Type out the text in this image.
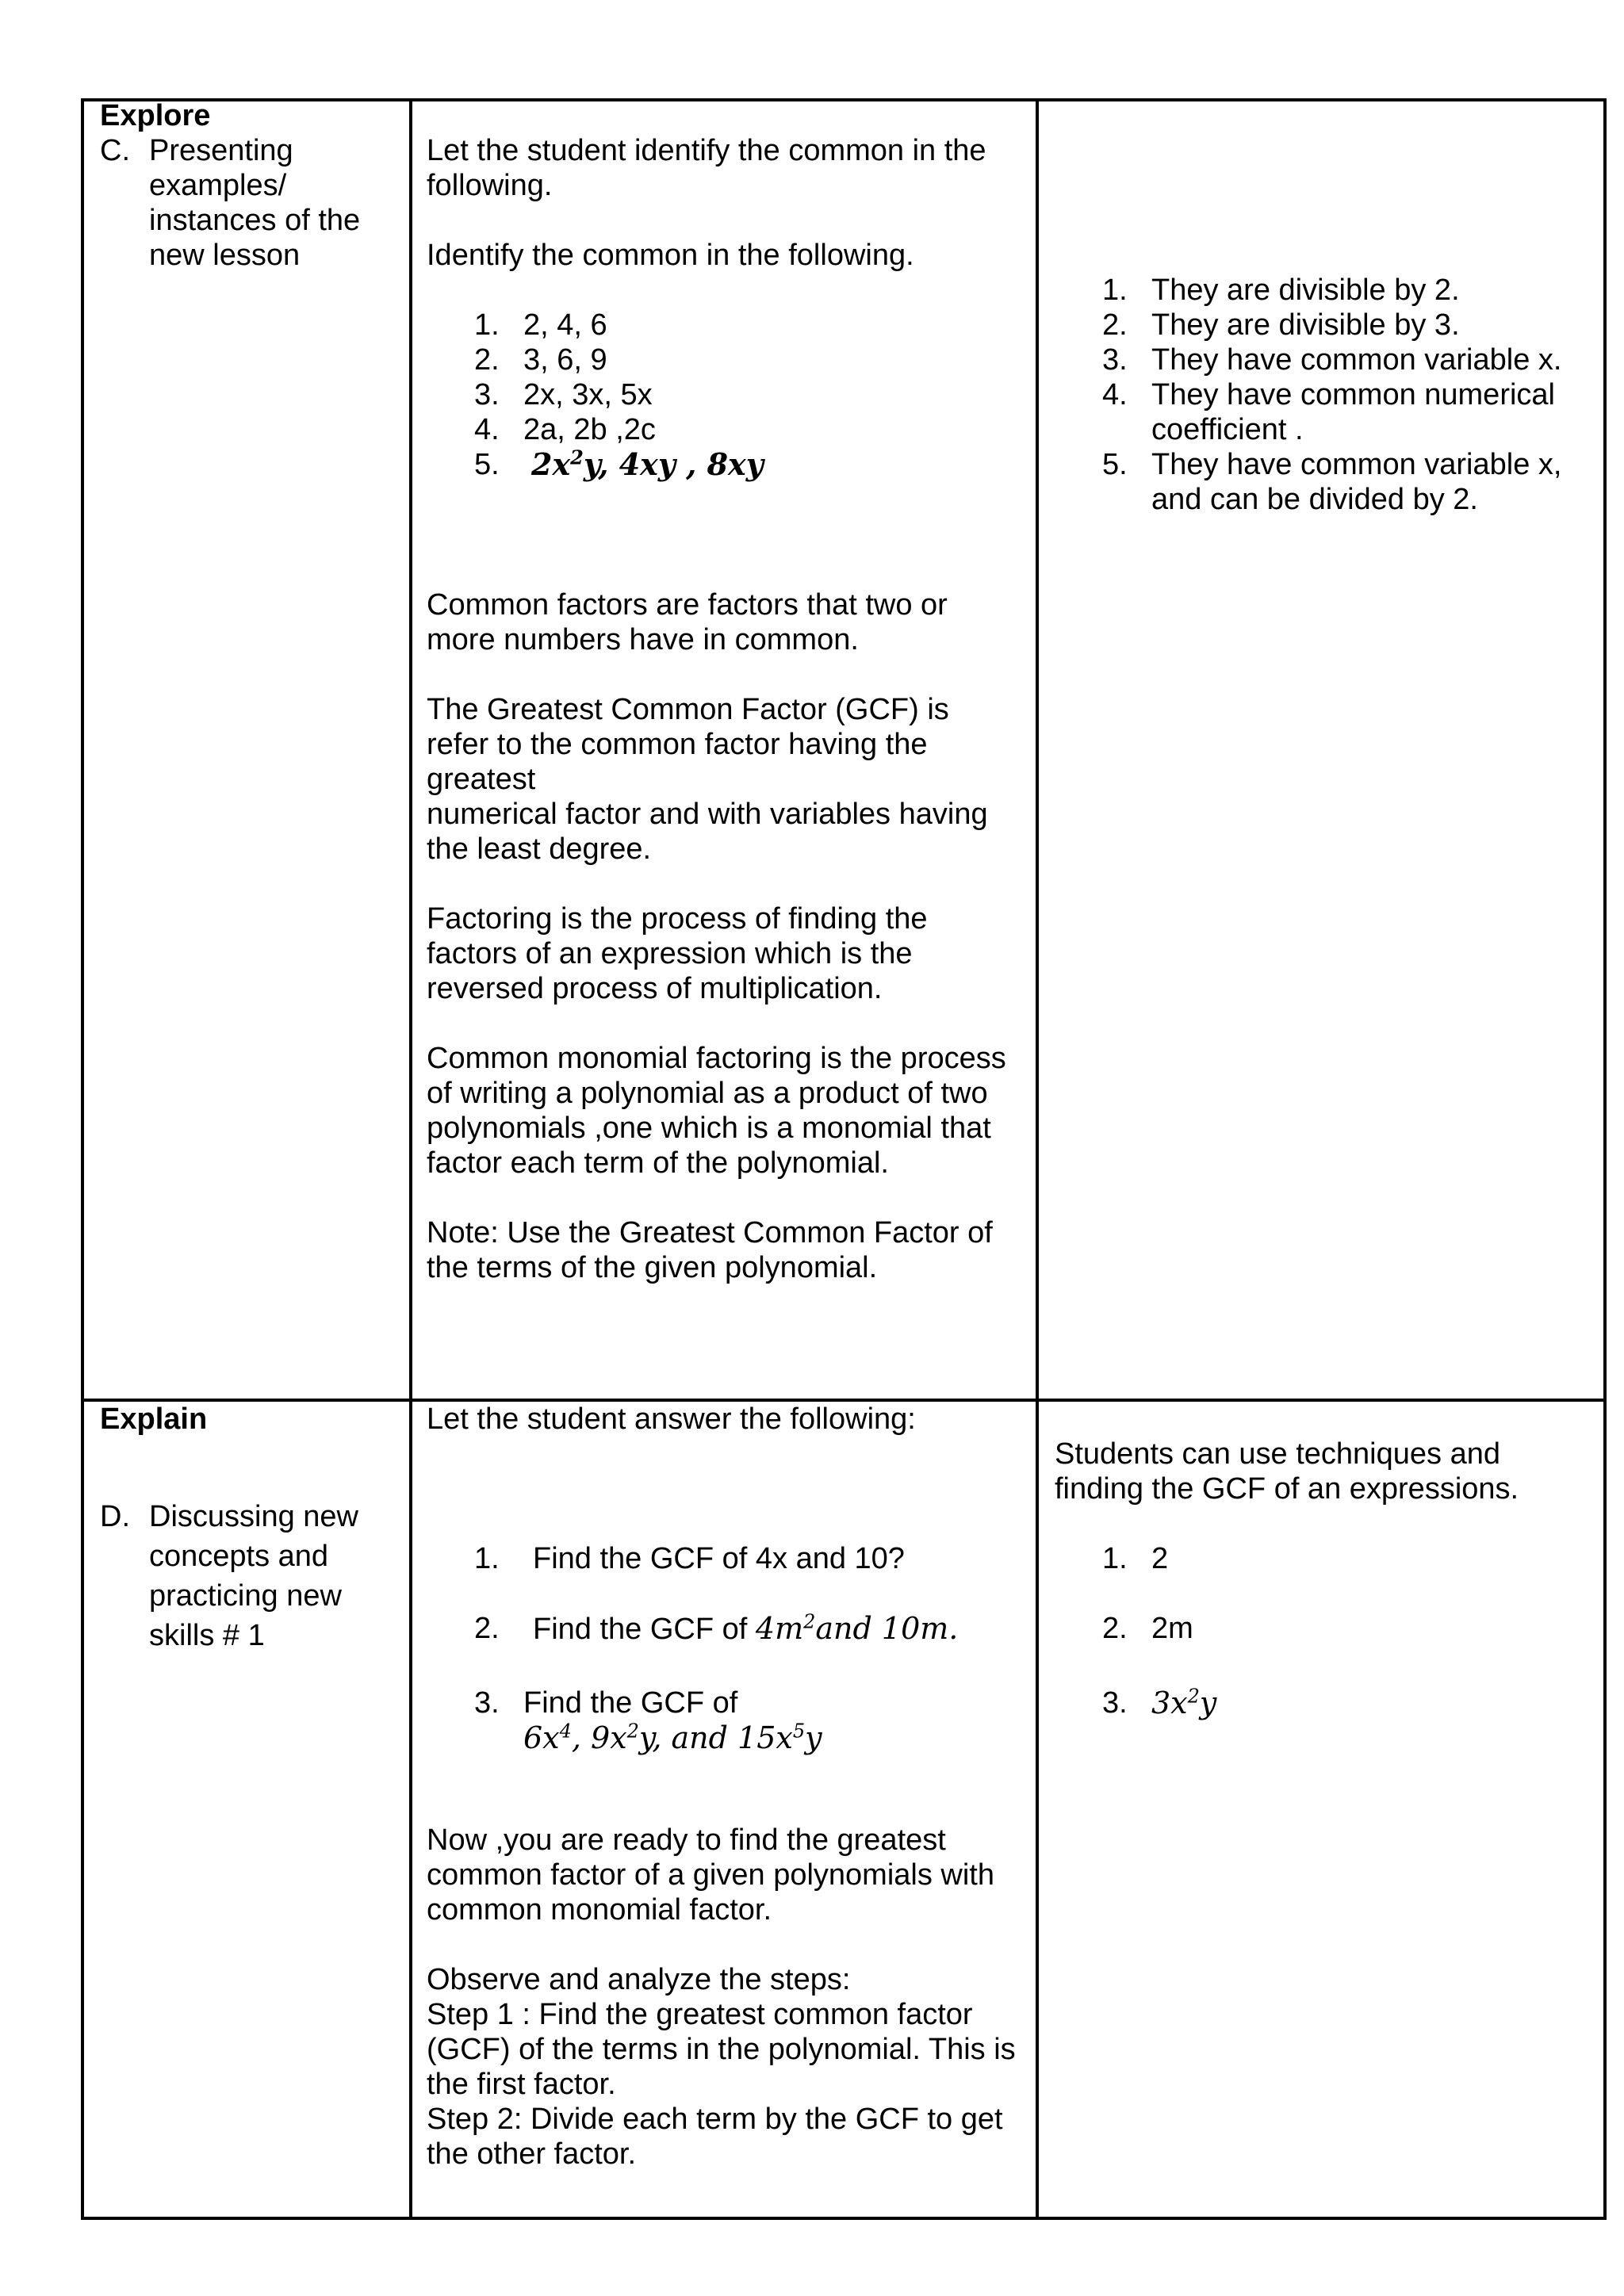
Explore
C. Presenting
examples/
instances of the
new lesson

Let the student identify the common in the

following.

Identify the common in the following.

1. 2, 4, 6
2. 3, 6, 9
3. 2x, 3x, 5x
4. 2a, 2b ,2c
5. $2x^2y$, 4xy , 8xy

Common factors are factors that two or

more numbers have in common.

The Greatest Common Factor (GCF) is

refer to the common factor having the

greatest

numerical factor and with variables having

the least degree.

Factoring is the process of finding the

factors of an expression which is the

reversed process of multiplication.

Common monomial factoring is the process

of writing a polynomial as a product of two

polynomials ,one which is a monomial that

factor each term of the polynomial.

Note: Use the Greatest Common Factor of

the terms of the given polynomial.

1. They are divisible by 2.
2. They are divisible by 3.
3. They have common variable x.
4. They have common numerical
coefficient .
5. They have common variable x,
and can be divided by 2.
Explain
D. Discussing new
concepts and
practicing new
skills # 1

Let the student answer the following:

1. Find the GCF of 4x and 10?
2. Find the GCF of $4m^2and$ 10m.
3. Find the GCF of
$6x^4$, $9x^2y$, and $15x^5y$

Now ,you are ready to find the greatest

common factor of a given polynomials with

common monomial factor.

Observe and analyze the steps:

Step 1 : Find the greatest common factor

(GCF) of the terms in the polynomial. This is

the first factor.

Step 2: Divide each term by the GCF to get

the other factor.

Students can use techniques and

finding the GCF of an expressions.

1. 2
2. 2m
3. $3x^2y$
